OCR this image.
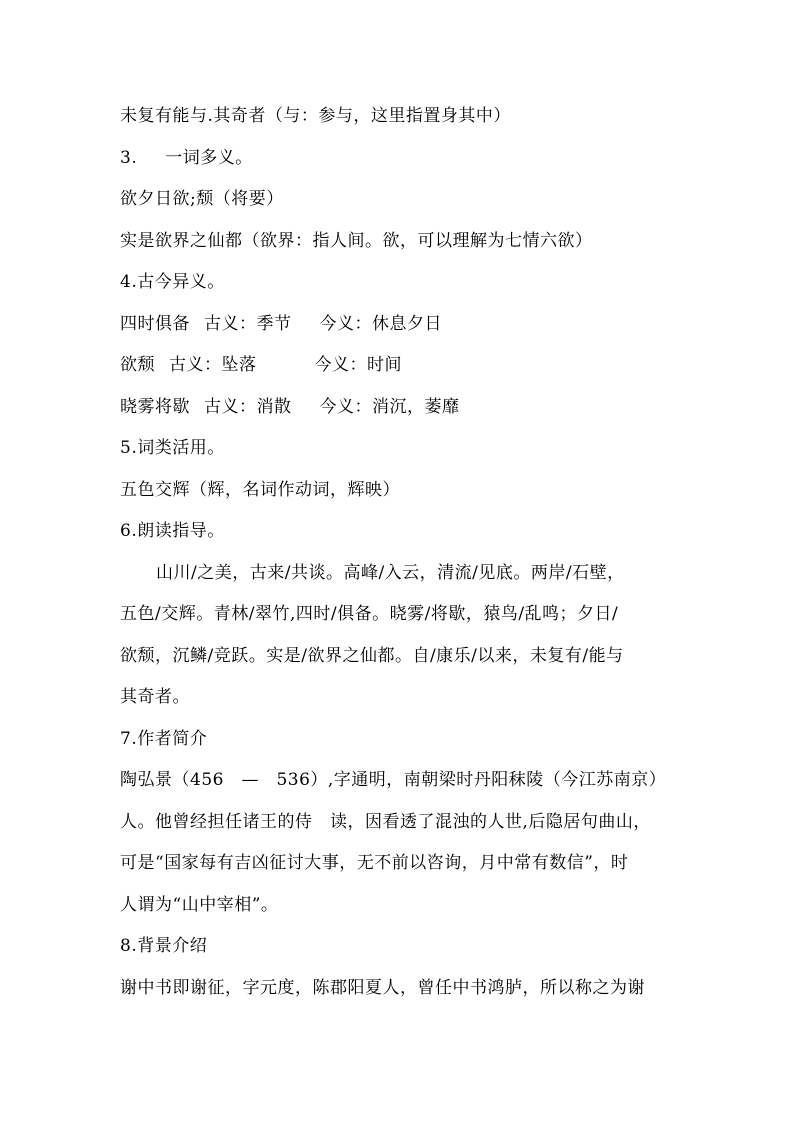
未复有能与.其奇者（与：参与，这里指置身其中）
3. 一词多义。
欲夕日欲;颓（将要）
实是欲界之仙都（欲界：指人间。欲，可以理解为七情六欲）
4.古今异义。
四时俱备 古义：季节 今义：休息夕日
欲颓 古义：坠落	今义：时间
晓雾将歇 古义：消散 今义：消沉，萎靡
5.词类活用。
五色交辉（辉，名词作动词，辉映）
6.朗读指导。
山川/之美，古来/共谈。高峰/入云，清流/见底。两岸/石壁，
五色/交辉。青林/翠竹,四时/俱备。晓雾/将歇，猿鸟/乱鸣；夕日/
欲颓，沉鳞/竞跃。实是/欲界之仙都。自/康乐/以来，未复有/能与
其奇者。
7.作者简介
陶弘景（456　—　536）,字通明，南朝梁时丹阳秣陵（今江苏南京）
人。他曾经担任诸王的侍　读，因看透了混浊的人世,后隐居句曲山，
可是“国家每有吉凶征讨大事，无不前以咨询，月中常有数信”，时
人谓为“山中宰相”。
8.背景介绍
谢中书即谢征，字元度，陈郡阳夏人，曾任中书鸿胪，所以称之为谢
